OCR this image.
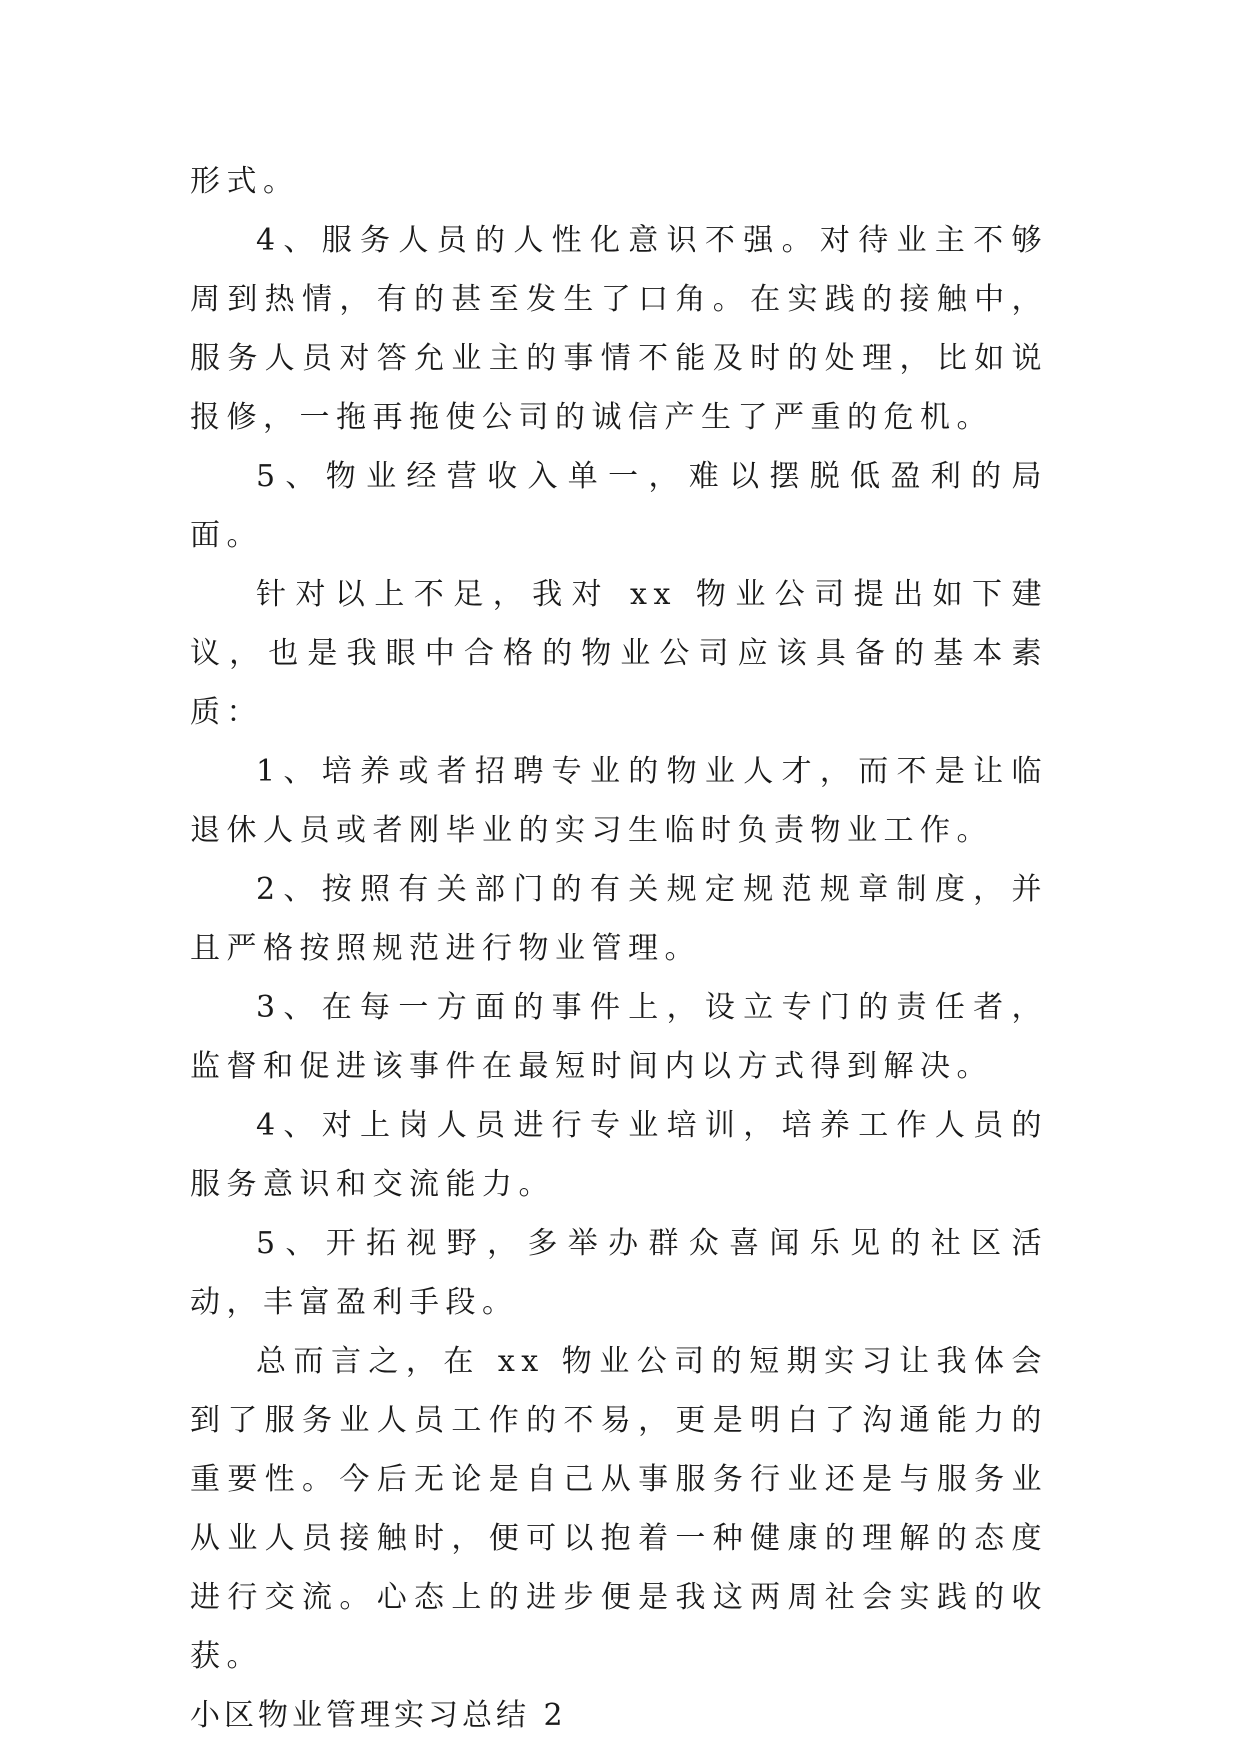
形式。

4、服务人员的人性化意识不强。对待业主不够周到热情，有的甚至发生了口角。在实践的接触中，服务人员对答允业主的事情不能及时的处理，比如说报修，一拖再拖使公司的诚信产生了严重的危机。

5、物业经营收入单一，难以摆脱低盈利的局面。

针对以上不足，我对 xx 物业公司提出如下建议，也是我眼中合格的物业公司应该具备的基本素质：

1、培养或者招聘专业的物业人才，而不是让临退休人员或者刚毕业的实习生临时负责物业工作。

2、按照有关部门的有关规定规范规章制度，并且严格按照规范进行物业管理。

3、在每一方面的事件上，设立专门的责任者，监督和促进该事件在最短时间内以方式得到解决。

4、对上岗人员进行专业培训，培养工作人员的服务意识和交流能力。

5、开拓视野，多举办群众喜闻乐见的社区活动，丰富盈利手段。

总而言之，在 xx 物业公司的短期实习让我体会到了服务业人员工作的不易，更是明白了沟通能力的重要性。今后无论是自己从事服务行业还是与服务业从业人员接触时，便可以抱着一种健康的理解的态度进行交流。心态上的进步便是我这两周社会实践的收获。

小区物业管理实习总结 2
